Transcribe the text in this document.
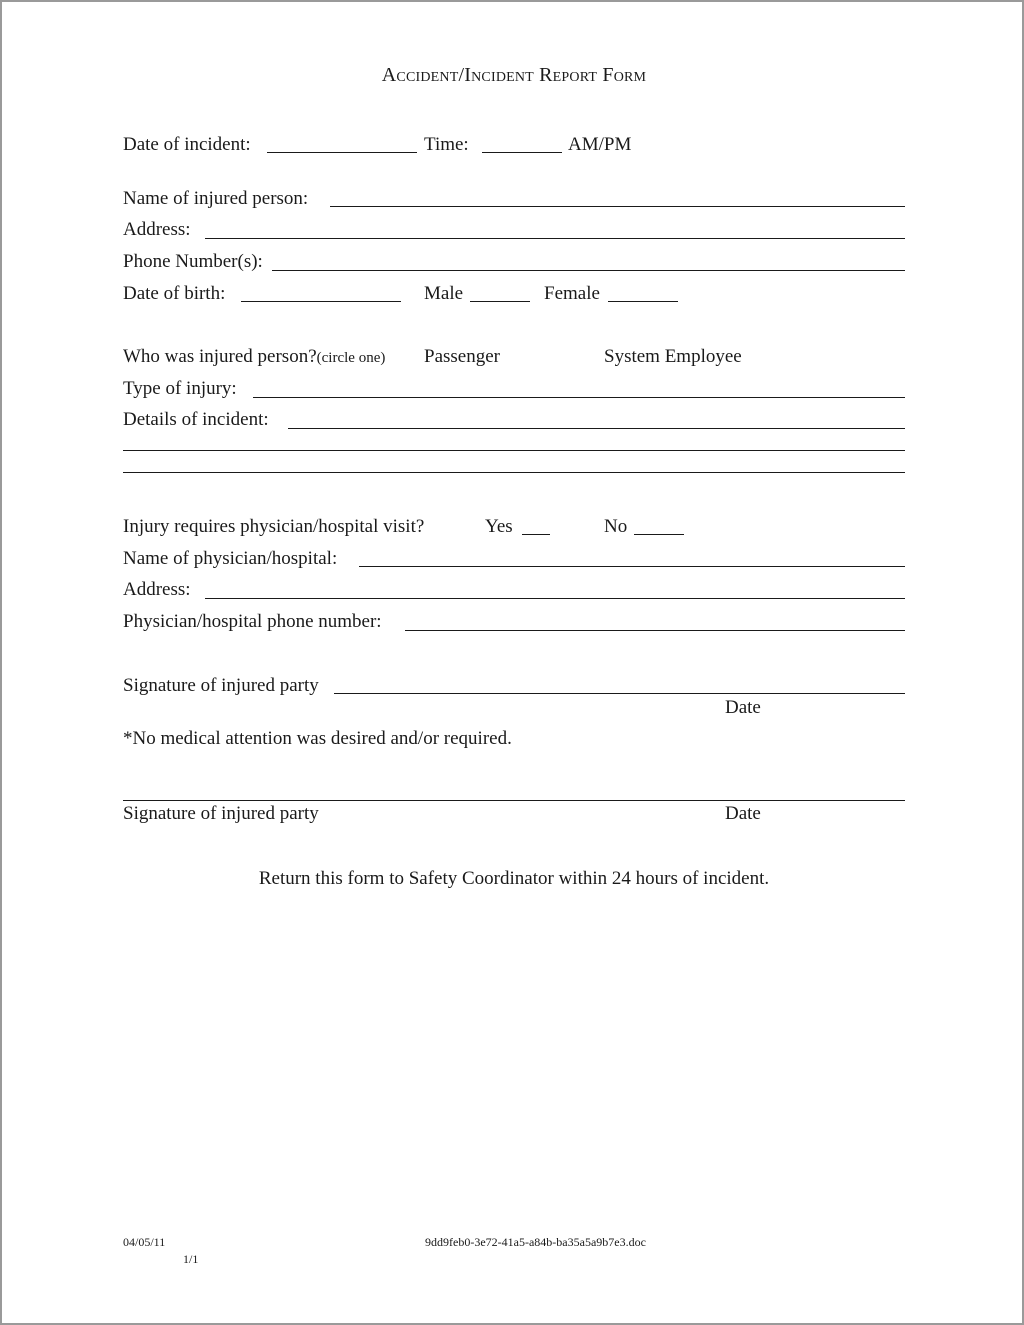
Accident/Incident Report Form
Date of incident:	Time:	AM/PM
Name of injured person:
Address:
Phone Number(s):
Date of birth:	Male	Female
Who was injured person?(circle one) Passenger	System Employee
Type of injury:
Details of incident:
Injury requires physician/hospital visit?	Yes	No
Name of physician/hospital:
Address:
Physician/hospital phone number:
Signature of injured party
Date
*No medical attention was desired and/or required.
Signature of injured party	Date
Return this form to Safety Coordinator within 24 hours of incident.
04/05/11
1/1
9dd9feb0-3e72-41a5-a84b-ba35a5a9b7e3.doc
